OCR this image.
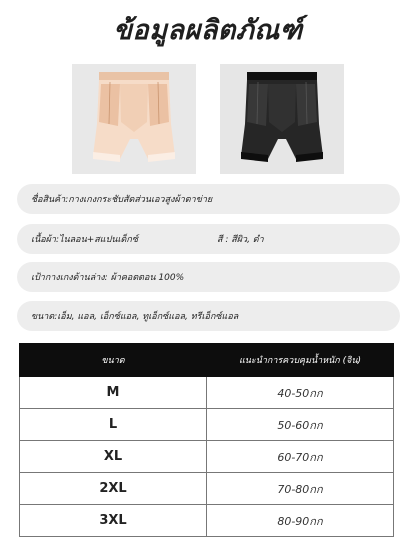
ข้อมูลผลิตภัณฑ์
ชื่อสินค้า:กางเกงกระชับสัดส่วนเอวสูงผ้าตาข่าย
เนื้อผ้า:ไนลอน+สแปนเด็กซ์	สี : สีผิว, ดำ
เป้ากางเกงด้านล่าง: ผ้าคอตตอน 100%
ขนาด:เอ็ม, แอล, เอ็กซ์แอล, ทูเอ็กซ์แอล, ทรีเอ็กซ์แอล
ขนาด	แนะนำการควบคุมน้ำหนัก (จิน)
M	40-50กก
L	50-60กก
XL	60-70กก
2XL	70-80กก
3XL	80-90กก
